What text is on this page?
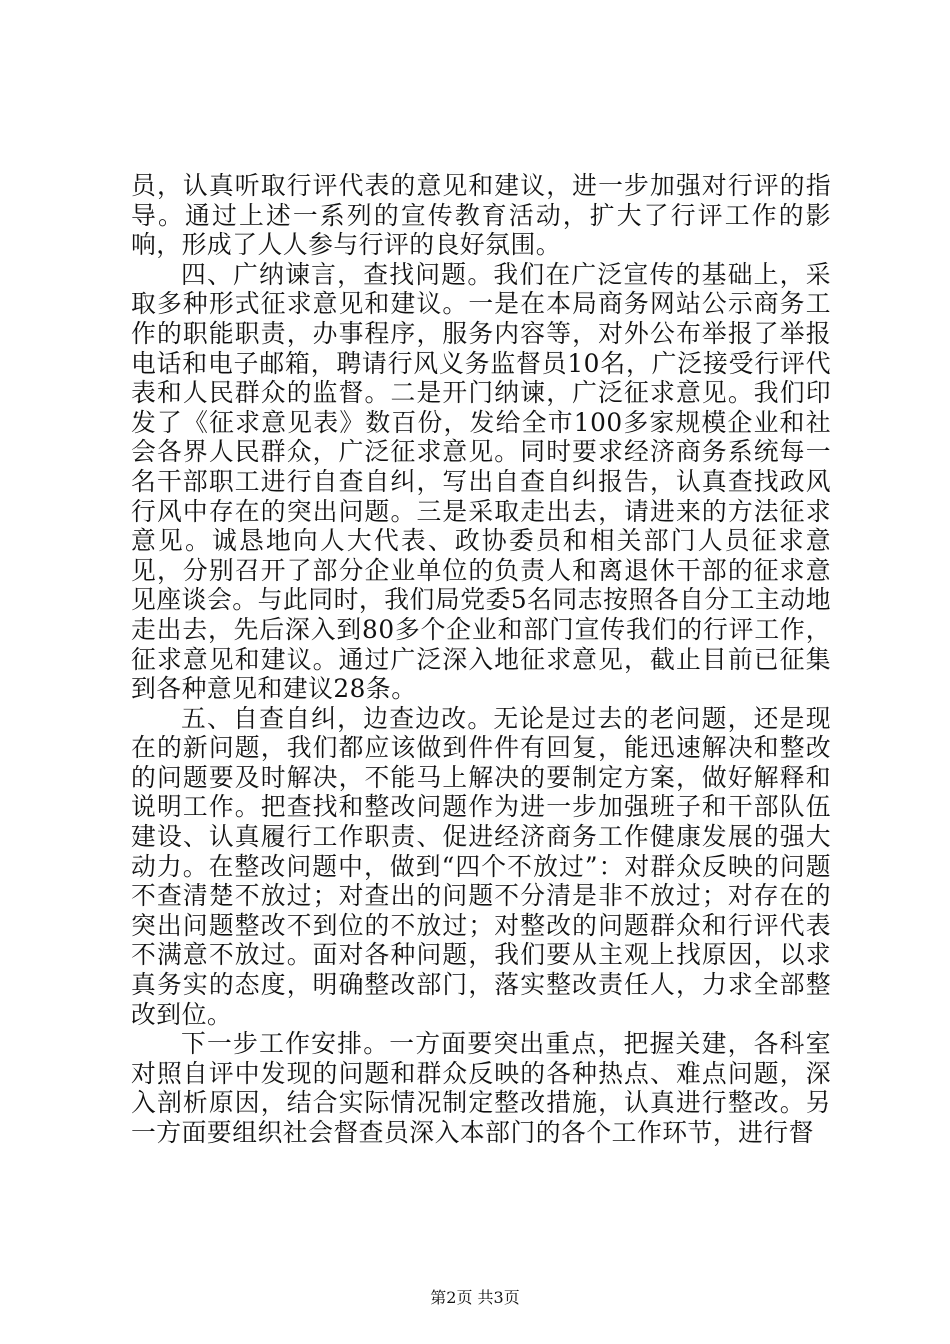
员，认真听取行评代表的意见和建议，进一步加强对行评的指导。通过上述一系列的宣传教育活动，扩大了行评工作的影响，形成了人人参与行评的良好氛围。

四、广纳谏言，查找问题。我们在广泛宣传的基础上，采取多种形式征求意见和建议。一是在本局商务网站公示商务工作的职能职责，办事程序，服务内容等，对外公布举报了举报电话和电子邮箱，聘请行风义务监督员10名，广泛接受行评代表和人民群众的监督。二是开门纳谏，广泛征求意见。我们印发了《征求意见表》数百份，发给全市100多家规模企业和社会各界人民群众，广泛征求意见。同时要求经济商务系统每一名干部职工进行自查自纠，写出自查自纠报告，认真查找政风行风中存在的突出问题。三是采取走出去，请进来的方法征求意见。诚恳地向人大代表、政协委员和相关部门人员征求意见，分别召开了部分企业单位的负责人和离退休干部的征求意见座谈会。与此同时，我们局党委5名同志按照各自分工主动地走出去，先后深入到80多个企业和部门宣传我们的行评工作，征求意见和建议。通过广泛深入地征求意见，截止目前已征集到各种意见和建议28条。

五、自查自纠，边查边改。无论是过去的老问题，还是现在的新问题，我们都应该做到件件有回复，能迅速解决和整改的问题要及时解决，不能马上解决的要制定方案，做好解释和说明工作。把查找和整改问题作为进一步加强班子和干部队伍建设、认真履行工作职责、促进经济商务工作健康发展的强大动力。在整改问题中，做到“四个不放过”：对群众反映的问题不查清楚不放过；对查出的问题不分清是非不放过；对存在的突出问题整改不到位的不放过；对整改的问题群众和行评代表不满意不放过。面对各种问题，我们要从主观上找原因，以求真务实的态度，明确整改部门，落实整改责任人，力求全部整改到位。

下一步工作安排。一方面要突出重点，把握关建，各科室对照自评中发现的问题和群众反映的各种热点、难点问题，深入剖析原因，结合实际情况制定整改措施，认真进行整改。另一方面要组织社会督查员深入本部门的各个工作环节，进行督

第2页 共3页
